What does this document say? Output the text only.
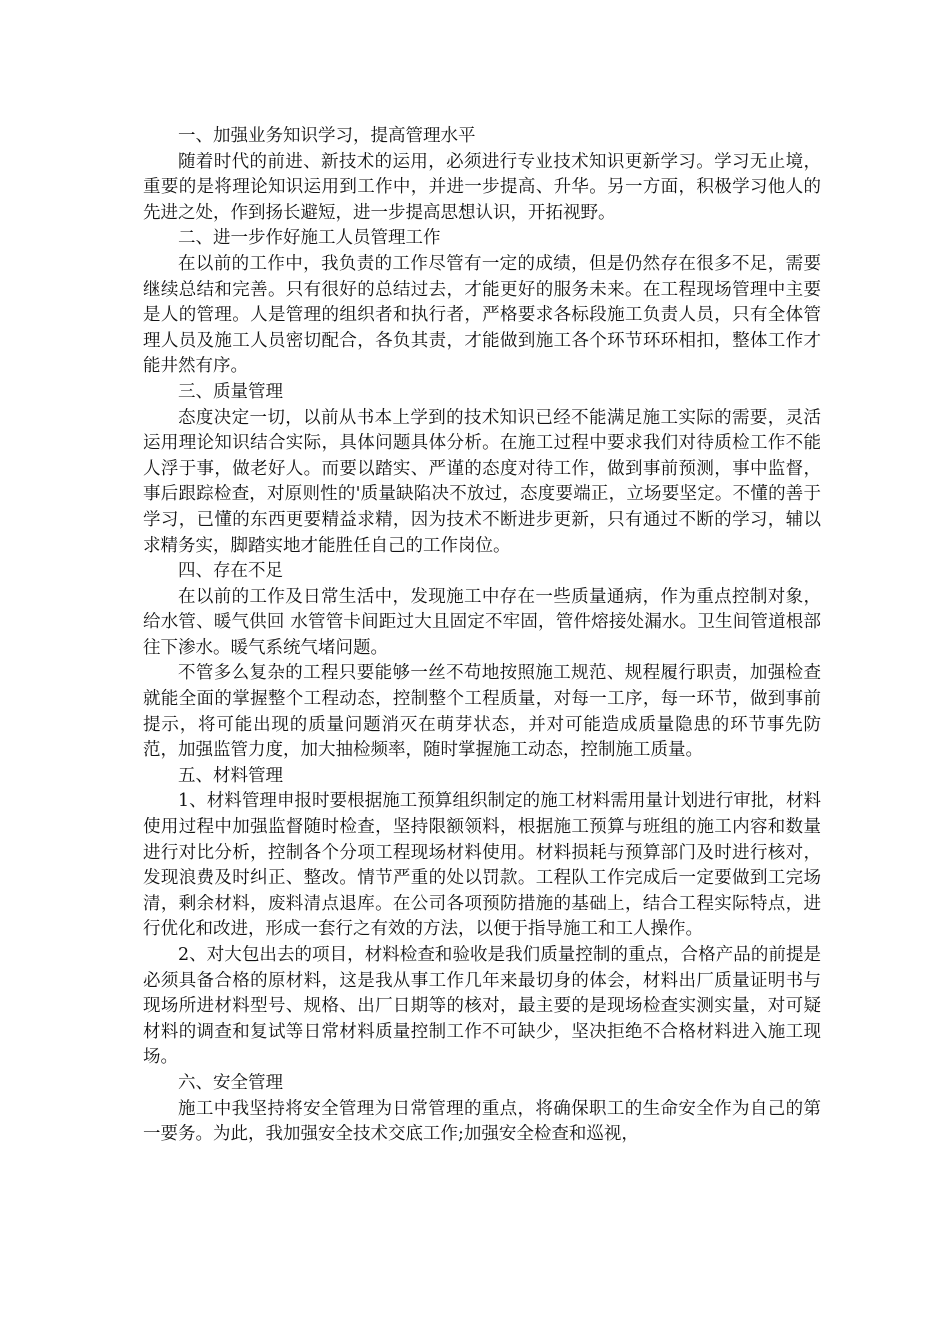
一、加强业务知识学习，提高管理水平

随着时代的前进、新技术的运用，必须进行专业技术知识更新学习。学习无止境，重要的是将理论知识运用到工作中，并进一步提高、升华。另一方面，积极学习他人的先进之处，作到扬长避短，进一步提高思想认识，开拓视野。

二、进一步作好施工人员管理工作

在以前的工作中，我负责的工作尽管有一定的成绩，但是仍然存在很多不足，需要继续总结和完善。只有很好的总结过去，才能更好的服务未来。在工程现场管理中主要是人的管理。人是管理的组织者和执行者，严格要求各标段施工负责人员，只有全体管理人员及施工人员密切配合，各负其责，才能做到施工各个环节环环相扣，整体工作才能井然有序。

三、质量管理

态度决定一切，以前从书本上学到的技术知识已经不能满足施工实际的需要，灵活运用理论知识结合实际，具体问题具体分析。在施工过程中要求我们对待质检工作不能人浮于事，做老好人。而要以踏实、严谨的态度对待工作，做到事前预测，事中监督，事后跟踪检查，对原则性的'质量缺陷决不放过，态度要端正，立场要坚定。不懂的善于学习，已懂的东西更要精益求精，因为技术不断进步更新，只有通过不断的学习，辅以求精务实，脚踏实地才能胜任自己的工作岗位。

四、存在不足

在以前的工作及日常生活中，发现施工中存在一些质量通病，作为重点控制对象，给水管、暖气供回 水管管卡间距过大且固定不牢固，管件熔接处漏水。卫生间管道根部往下渗水。暖气系统气堵问题。

不管多么复杂的工程只要能够一丝不苟地按照施工规范、规程履行职责，加强检查就能全面的掌握整个工程动态，控制整个工程质量，对每一工序，每一环节，做到事前提示，将可能出现的质量问题消灭在萌芽状态，并对可能造成质量隐患的环节事先防范，加强监管力度，加大抽检频率，随时掌握施工动态，控制施工质量。

五、材料管理

1、材料管理申报时要根据施工预算组织制定的施工材料需用量计划进行审批，材料使用过程中加强监督随时检查，坚持限额领料，根据施工预算与班组的施工内容和数量进行对比分析，控制各个分项工程现场材料使用。材料损耗与预算部门及时进行核对，发现浪费及时纠正、整改。情节严重的处以罚款。工程队工作完成后一定要做到工完场清，剩余材料，废料清点退库。在公司各项预防措施的基础上，结合工程实际特点，进行优化和改进，形成一套行之有效的方法，以便于指导施工和工人操作。

2、对大包出去的项目，材料检查和验收是我们质量控制的重点，合格产品的前提是必须具备合格的原材料，这是我从事工作几年来最切身的体会，材料出厂质量证明书与现场所进材料型号、规格、出厂日期等的核对，最主要的是现场检查实测实量，对可疑材料的调查和复试等日常材料质量控制工作不可缺少，坚决拒绝不合格材料进入施工现场。

六、安全管理

施工中我坚持将安全管理为日常管理的重点，将确保职工的生命安全作为自己的第一要务。为此，我加强安全技术交底工作;加强安全检查和巡视，
